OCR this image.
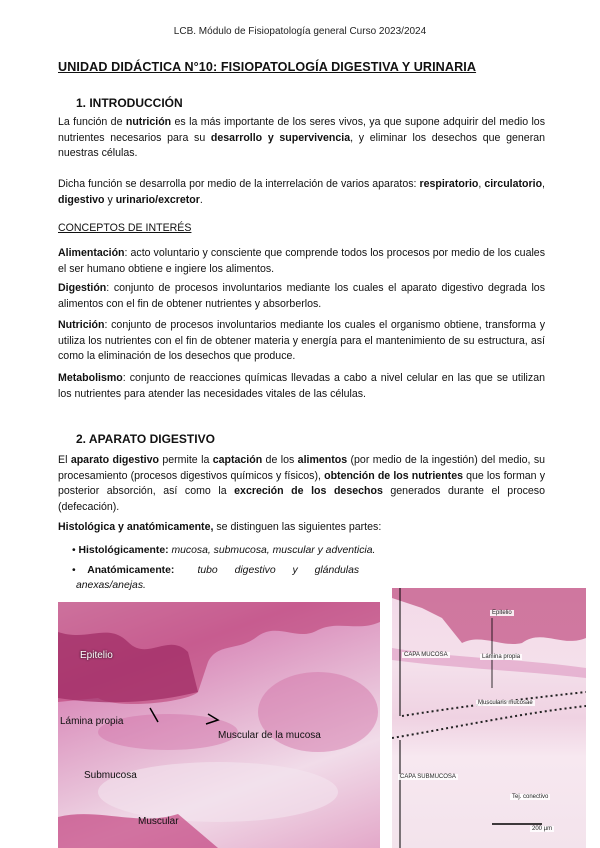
LCB. Módulo de Fisiopatología general Curso 2023/2024
UNIDAD DIDÁCTICA N°10: FISIOPATOLOGÍA DIGESTIVA Y URINARIA
1. INTRODUCCIÓN
La función de nutrición es la más importante de los seres vivos, ya que supone adquirir del medio los nutrientes necesarios para su desarrollo y supervivencia, y eliminar los desechos que generan nuestras células.
Dicha función se desarrolla por medio de la interrelación de varios aparatos: respiratorio, circulatorio, digestivo y urinario/excretor.
CONCEPTOS DE INTERÉS
Alimentación: acto voluntario y consciente que comprende todos los procesos por medio de los cuales el ser humano obtiene e ingiere los alimentos.
Digestión: conjunto de procesos involuntarios mediante los cuales el aparato digestivo degrada los alimentos con el fin de obtener nutrientes y absorberlos.
Nutrición: conjunto de procesos involuntarios mediante los cuales el organismo obtiene, transforma y utiliza los nutrientes con el fin de obtener materia y energía para el mantenimiento de su estructura, así como la eliminación de los desechos que produce.
Metabolismo: conjunto de reacciones químicas llevadas a cabo a nivel celular en las que se utilizan los nutrientes para atender las necesidades vitales de las células.
2. APARATO DIGESTIVO
El aparato digestivo permite la captación de los alimentos (por medio de la ingestión) del medio, su procesamiento (procesos digestivos químicos y físicos), obtención de los nutrientes que los forman y posterior absorción, así como la excreción de los desechos generados durante el proceso (defecación).
Histológica y anatómicamente, se distinguen las siguientes partes:
• Histológicamente: mucosa, submucosa, muscular y adventicia.
•    Anatómicamente: tubo digestivo y glándulas
anexas/anejas.
Epitelio
Lámina propia
Muscular de la mucosa
Submucosa
Muscular
Epitelio
CAPA MUCOSA	Lámina propia
Muscularis mucosae
CAPA SUBMUCOSA
Tej. conectivo
200 µm
